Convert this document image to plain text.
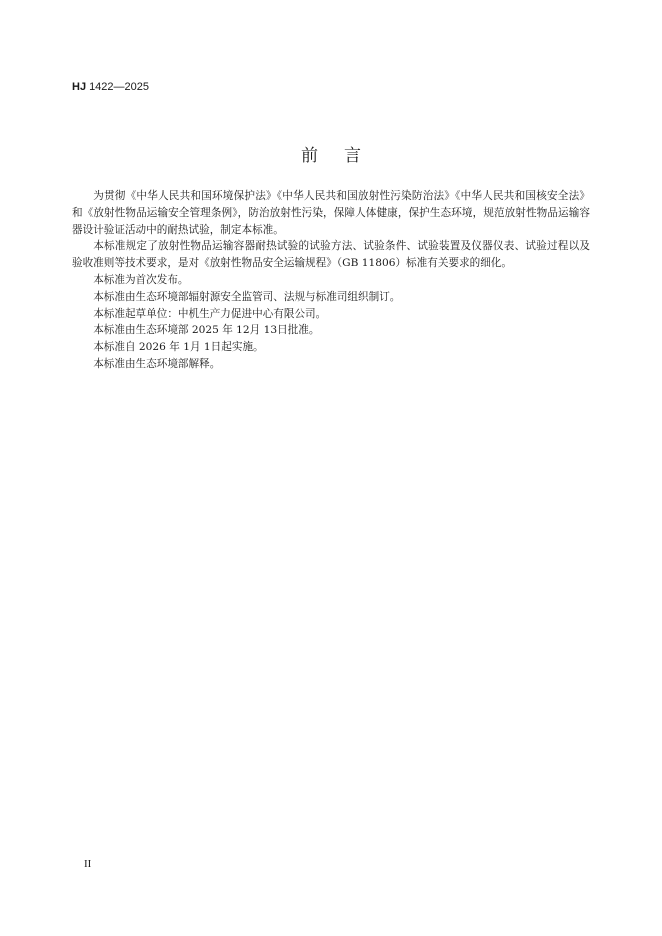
HJ 1422—2025
前言

为贯彻《中华人民共和国环境保护法》《中华人民共和国放射性污染防治法》《中华人民共和国核安全法》和《放射性物品运输安全管理条例》，防治放射性污染，保障人体健康，保护生态环境，规范放射性物品运输容器设计验证活动中的耐热试验，制定本标准。

本标准规定了放射性物品运输容器耐热试验的试验方法、试验条件、试验装置及仪器仪表、试验过程以及验收准则等技术要求，是对《放射性物品安全运输规程》（GB 11806）标准有关要求的细化。

本标准为首次发布。

本标准由生态环境部辐射源安全监管司、法规与标准司组织制订。

本标准起草单位：中机生产力促进中心有限公司。

本标准由生态环境部 2025 年 12月 13日批准。

本标准自 2026 年 1月 1日起实施。

本标准由生态环境部解释。

II
